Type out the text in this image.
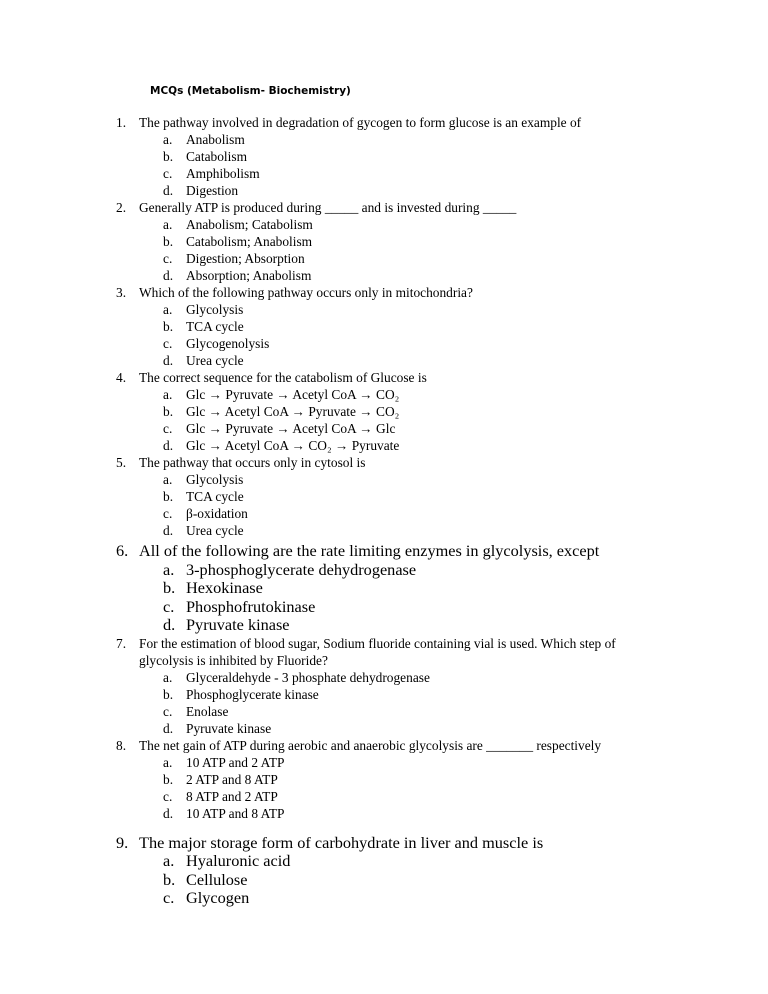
MCQs (Metabolism- Biochemistry)
1. The pathway involved in degradation of gycogen to form glucose is an example of
a. Anabolism
b. Catabolism
c. Amphibolism
d. Digestion
2. Generally ATP is produced during _____ and is invested during _____
a. Anabolism; Catabolism
b. Catabolism; Anabolism
c. Digestion; Absorption
d. Absorption; Anabolism
3. Which of the following pathway occurs only in mitochondria?
a. Glycolysis
b. TCA cycle
c. Glycogenolysis
d. Urea cycle
4. The correct sequence for the catabolism of Glucose is
a. Glc → Pyruvate → Acetyl CoA → CO₂
b. Glc → Acetyl CoA → Pyruvate → CO₂
c. Glc → Pyruvate → Acetyl CoA → Glc
d. Glc → Acetyl CoA → CO₂ → Pyruvate
5. The pathway that occurs only in cytosol is
a. Glycolysis
b. TCA cycle
c. β-oxidation
d. Urea cycle
6. All of the following are the rate limiting enzymes in glycolysis, except
a. 3-phosphoglycerate dehydrogenase
b. Hexokinase
c. Phosphofrutokinase
d. Pyruvate kinase
7. For the estimation of blood sugar, Sodium fluoride containing vial is used. Which step of glycolysis is inhibited by Fluoride?
a. Glyceraldehyde - 3 phosphate dehydrogenase
b. Phosphoglycerate kinase
c. Enolase
d. Pyruvate kinase
8. The net gain of ATP during aerobic and anaerobic glycolysis are _______ respectively
a. 10 ATP and 2 ATP
b. 2 ATP and 8 ATP
c. 8 ATP and 2 ATP
d. 10 ATP and 8 ATP
9. The major storage form of carbohydrate in liver and muscle is
a. Hyaluronic acid
b. Cellulose
c. Glycogen
